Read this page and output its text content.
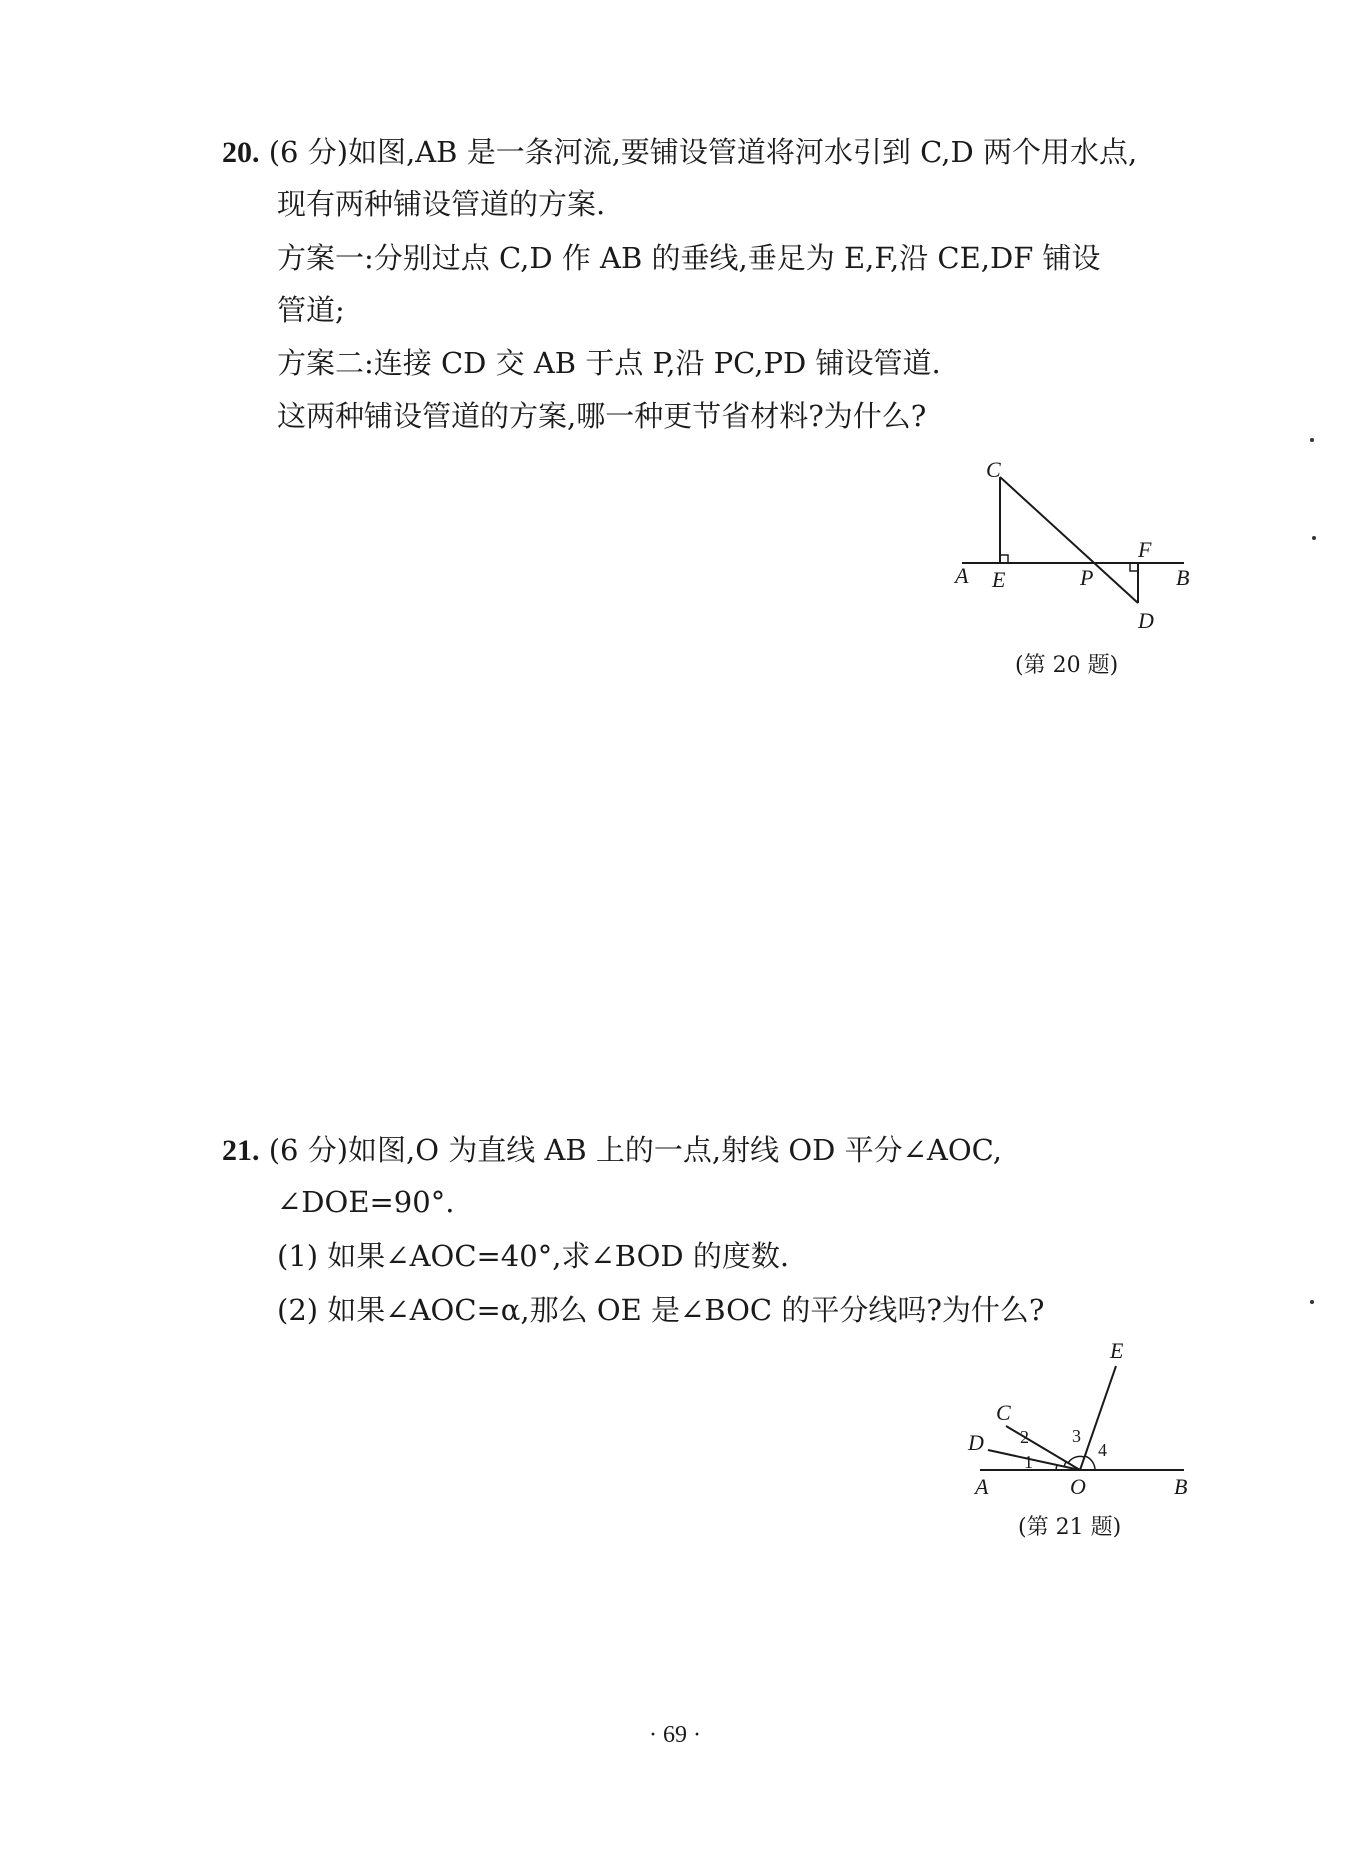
20. (6 分)如图,AB 是一条河流,要铺设管道将河水引到 C,D 两个用水点,
现有两种铺设管道的方案.
方案一:分别过点 C,D 作 AB 的垂线,垂足为 E,F,沿 CE,DF 铺设
管道;
方案二:连接 CD 交 AB 于点 P,沿 PC,PD 铺设管道.
这两种铺设管道的方案,哪一种更节省材料?为什么?
C
A E	P
F
B
D
(第 20 题)
21. (6 分)如图,O 为直线 AB 上的一点,射线 OD 平分∠AOC,
∠DOE=90°.
(1) 如果∠AOC=40°,求∠BOD 的度数.
(2) 如果∠AOC=α,那么 OE 是∠BOC 的平分线吗?为什么?
E
C
D
A	O	B
1
2 3
4
(第 21 题)
· 69 ·
